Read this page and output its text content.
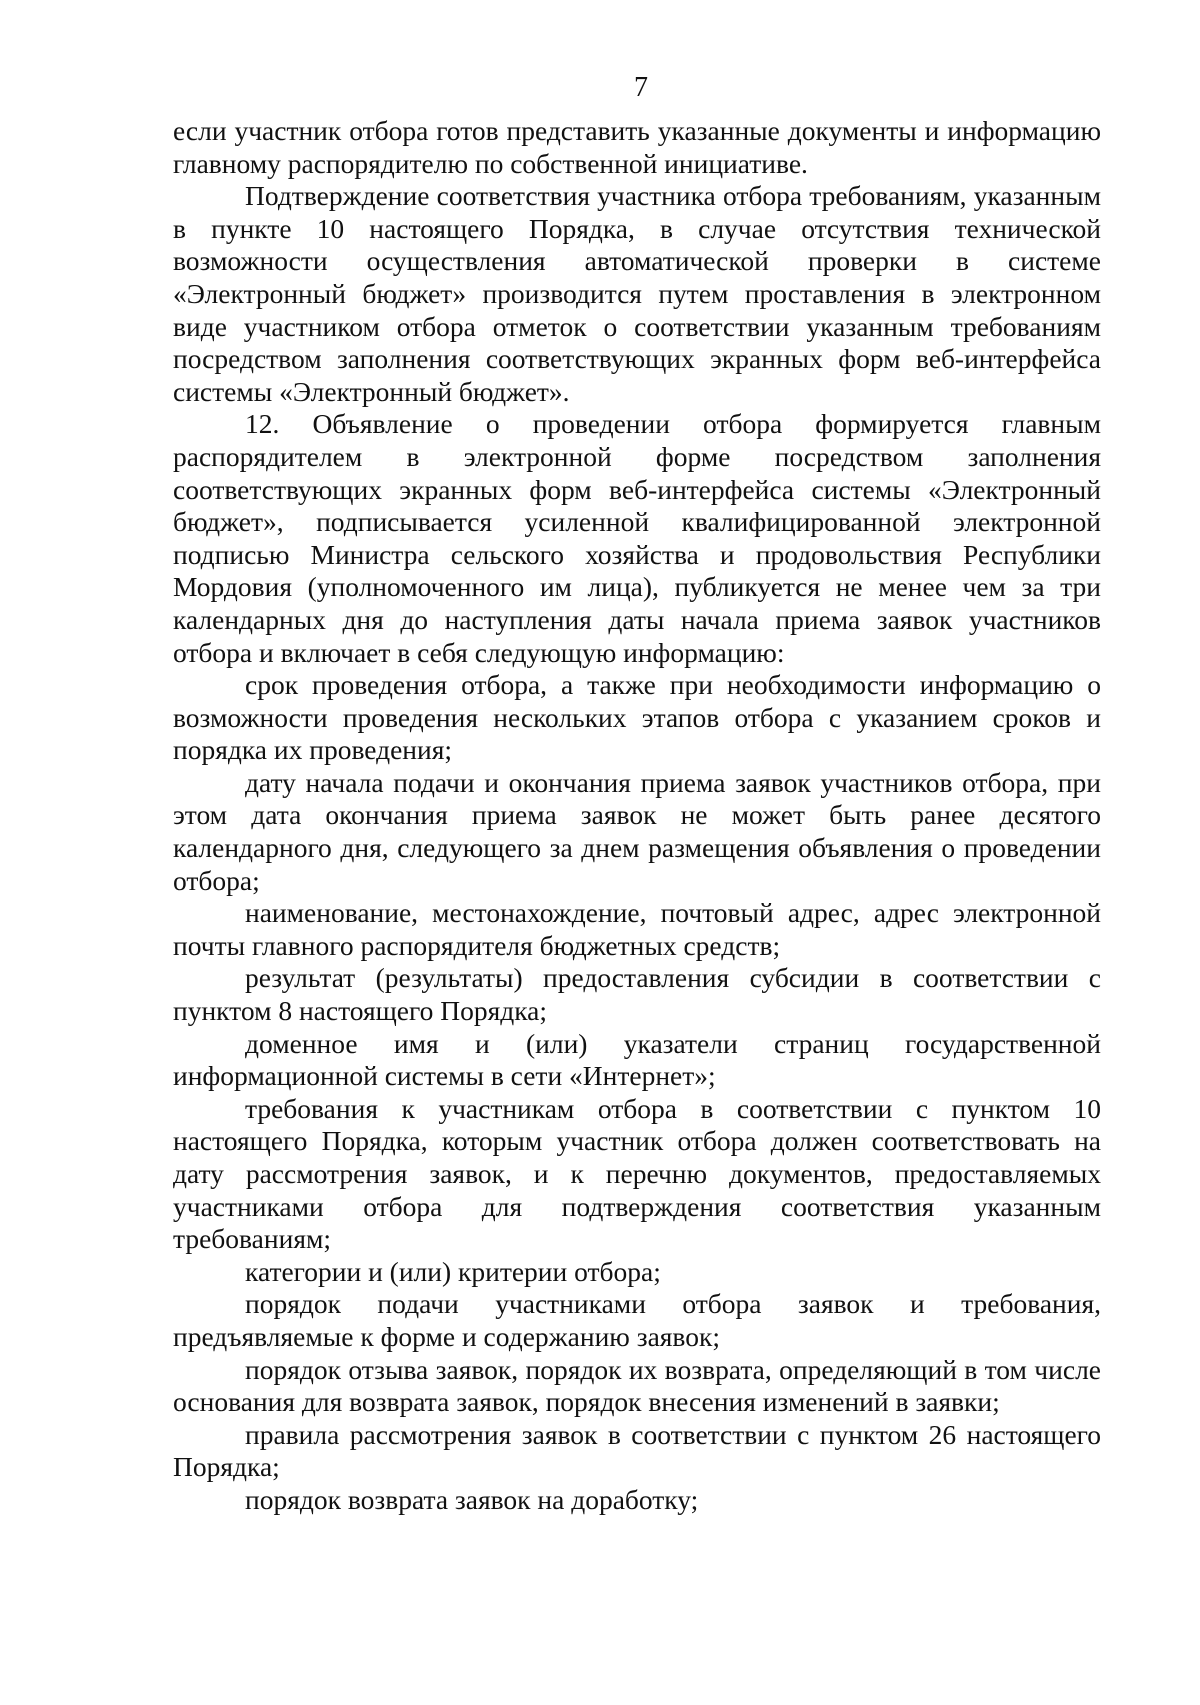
7

если участник отбора готов представить указанные документы и информацию главному распорядителю по собственной инициативе.

Подтверждение соответствия участника отбора требованиям, указанным в пункте 10 настоящего Порядка, в случае отсутствия технической возможности осуществления автоматической проверки в системе «Электронный бюджет» производится путем проставления в электронном виде участником отбора отметок о соответствии указанным требованиям посредством заполнения соответствующих экранных форм веб-интерфейса системы «Электронный бюджет».

12. Объявление о проведении отбора формируется главным распорядителем в электронной форме посредством заполнения соответствующих экранных форм веб-интерфейса системы «Электронный бюджет», подписывается усиленной квалифицированной электронной подписью Министра сельского хозяйства и продовольствия Республики Мордовия (уполномоченного им лица), публикуется не менее чем за три календарных дня до наступления даты начала приема заявок участников отбора и включает в себя следующую информацию:

срок проведения отбора, а также при необходимости информацию о возможности проведения нескольких этапов отбора с указанием сроков и порядка их проведения;

дату начала подачи и окончания приема заявок участников отбора, при этом дата окончания приема заявок не может быть ранее десятого календарного дня, следующего за днем размещения объявления о проведении отбора;

наименование, местонахождение, почтовый адрес, адрес электронной почты главного распорядителя бюджетных средств;

результат (результаты) предоставления субсидии в соответствии с пунктом 8 настоящего Порядка;

доменное имя и (или) указатели страниц государственной информационной системы в сети «Интернет»;

требования к участникам отбора в соответствии с пунктом 10 настоящего Порядка, которым участник отбора должен соответствовать на дату рассмотрения заявок, и к перечню документов, предоставляемых участниками отбора для подтверждения соответствия указанным требованиям;

категории и (или) критерии отбора;

порядок подачи участниками отбора заявок и требования, предъявляемые к форме и содержанию заявок;

порядок отзыва заявок, порядок их возврата, определяющий в том числе основания для возврата заявок, порядок внесения изменений в заявки;

правила рассмотрения заявок в соответствии с пунктом 26 настоящего Порядка;

порядок возврата заявок на доработку;
